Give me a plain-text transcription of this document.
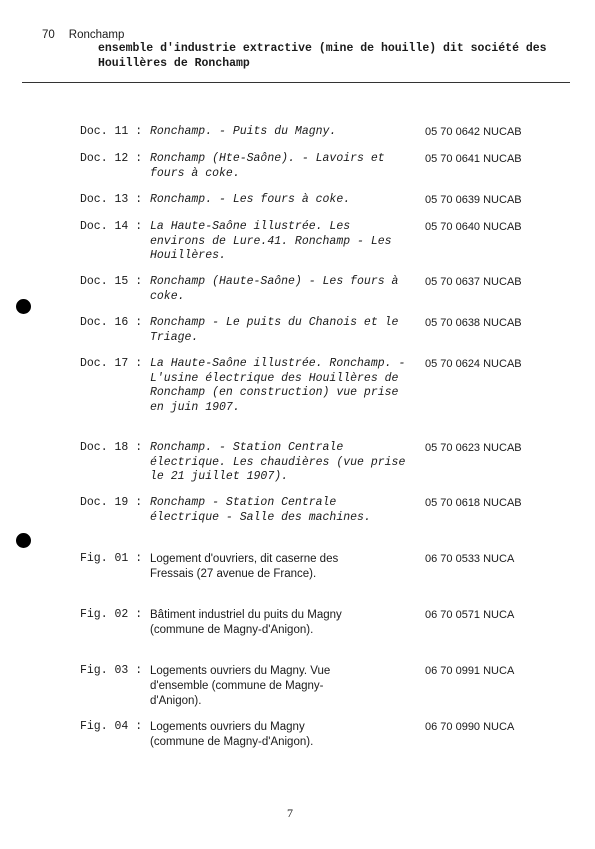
70 Ronchamp
ensemble d'industrie extractive (mine de houille) dit société des Houillères de Ronchamp
Doc. 11 : Ronchamp. - Puits du Magny.	05 70 0642 NUCAB
Doc. 12 : Ronchamp (Hte-Saône). - Lavoirs et fours à coke.
05 70 0641 NUCAB
Doc. 13 : Ronchamp. - Les fours à coke.	05 70 0639 NUCAB
Doc. 14 : La Haute-Saône illustrée. Les environs de Lure.41. Ronchamp - Les Houillères.
05 70 0640 NUCAB
Doc. 15 : Ronchamp (Haute-Saône) - Les fours à coke.
05 70 0637 NUCAB
Doc. 16 : Ronchamp - Le puits du Chanois et le Triage.
05 70 0638 NUCAB
Doc. 17 : La Haute-Saône illustrée. Ronchamp. - L'usine électrique des Houillères de Ronchamp (en construction) vue prise en juin 1907.
05 70 0624 NUCAB
Doc. 18 : Ronchamp. - Station Centrale électrique. Les chaudières (vue prise le 21 juillet 1907).
05 70 0623 NUCAB
Doc. 19 : Ronchamp - Station Centrale électrique - Salle des machines.
05 70 0618 NUCAB
Fig. 01 : Logement d'ouvriers, dit caserne des Fressais (27 avenue de France).
06 70 0533 NUCA
Fig. 02 : Bâtiment industriel du puits du Magny (commune de Magny-d'Anigon).
06 70 0571 NUCA
Fig. 03 : Logements ouvriers du Magny. Vue d'ensemble (commune de Magny-d'Anigon).
06 70 0991 NUCA
Fig. 04 : Logements ouvriers du Magny (commune de Magny-d'Anigon).
06 70 0990 NUCA
7
